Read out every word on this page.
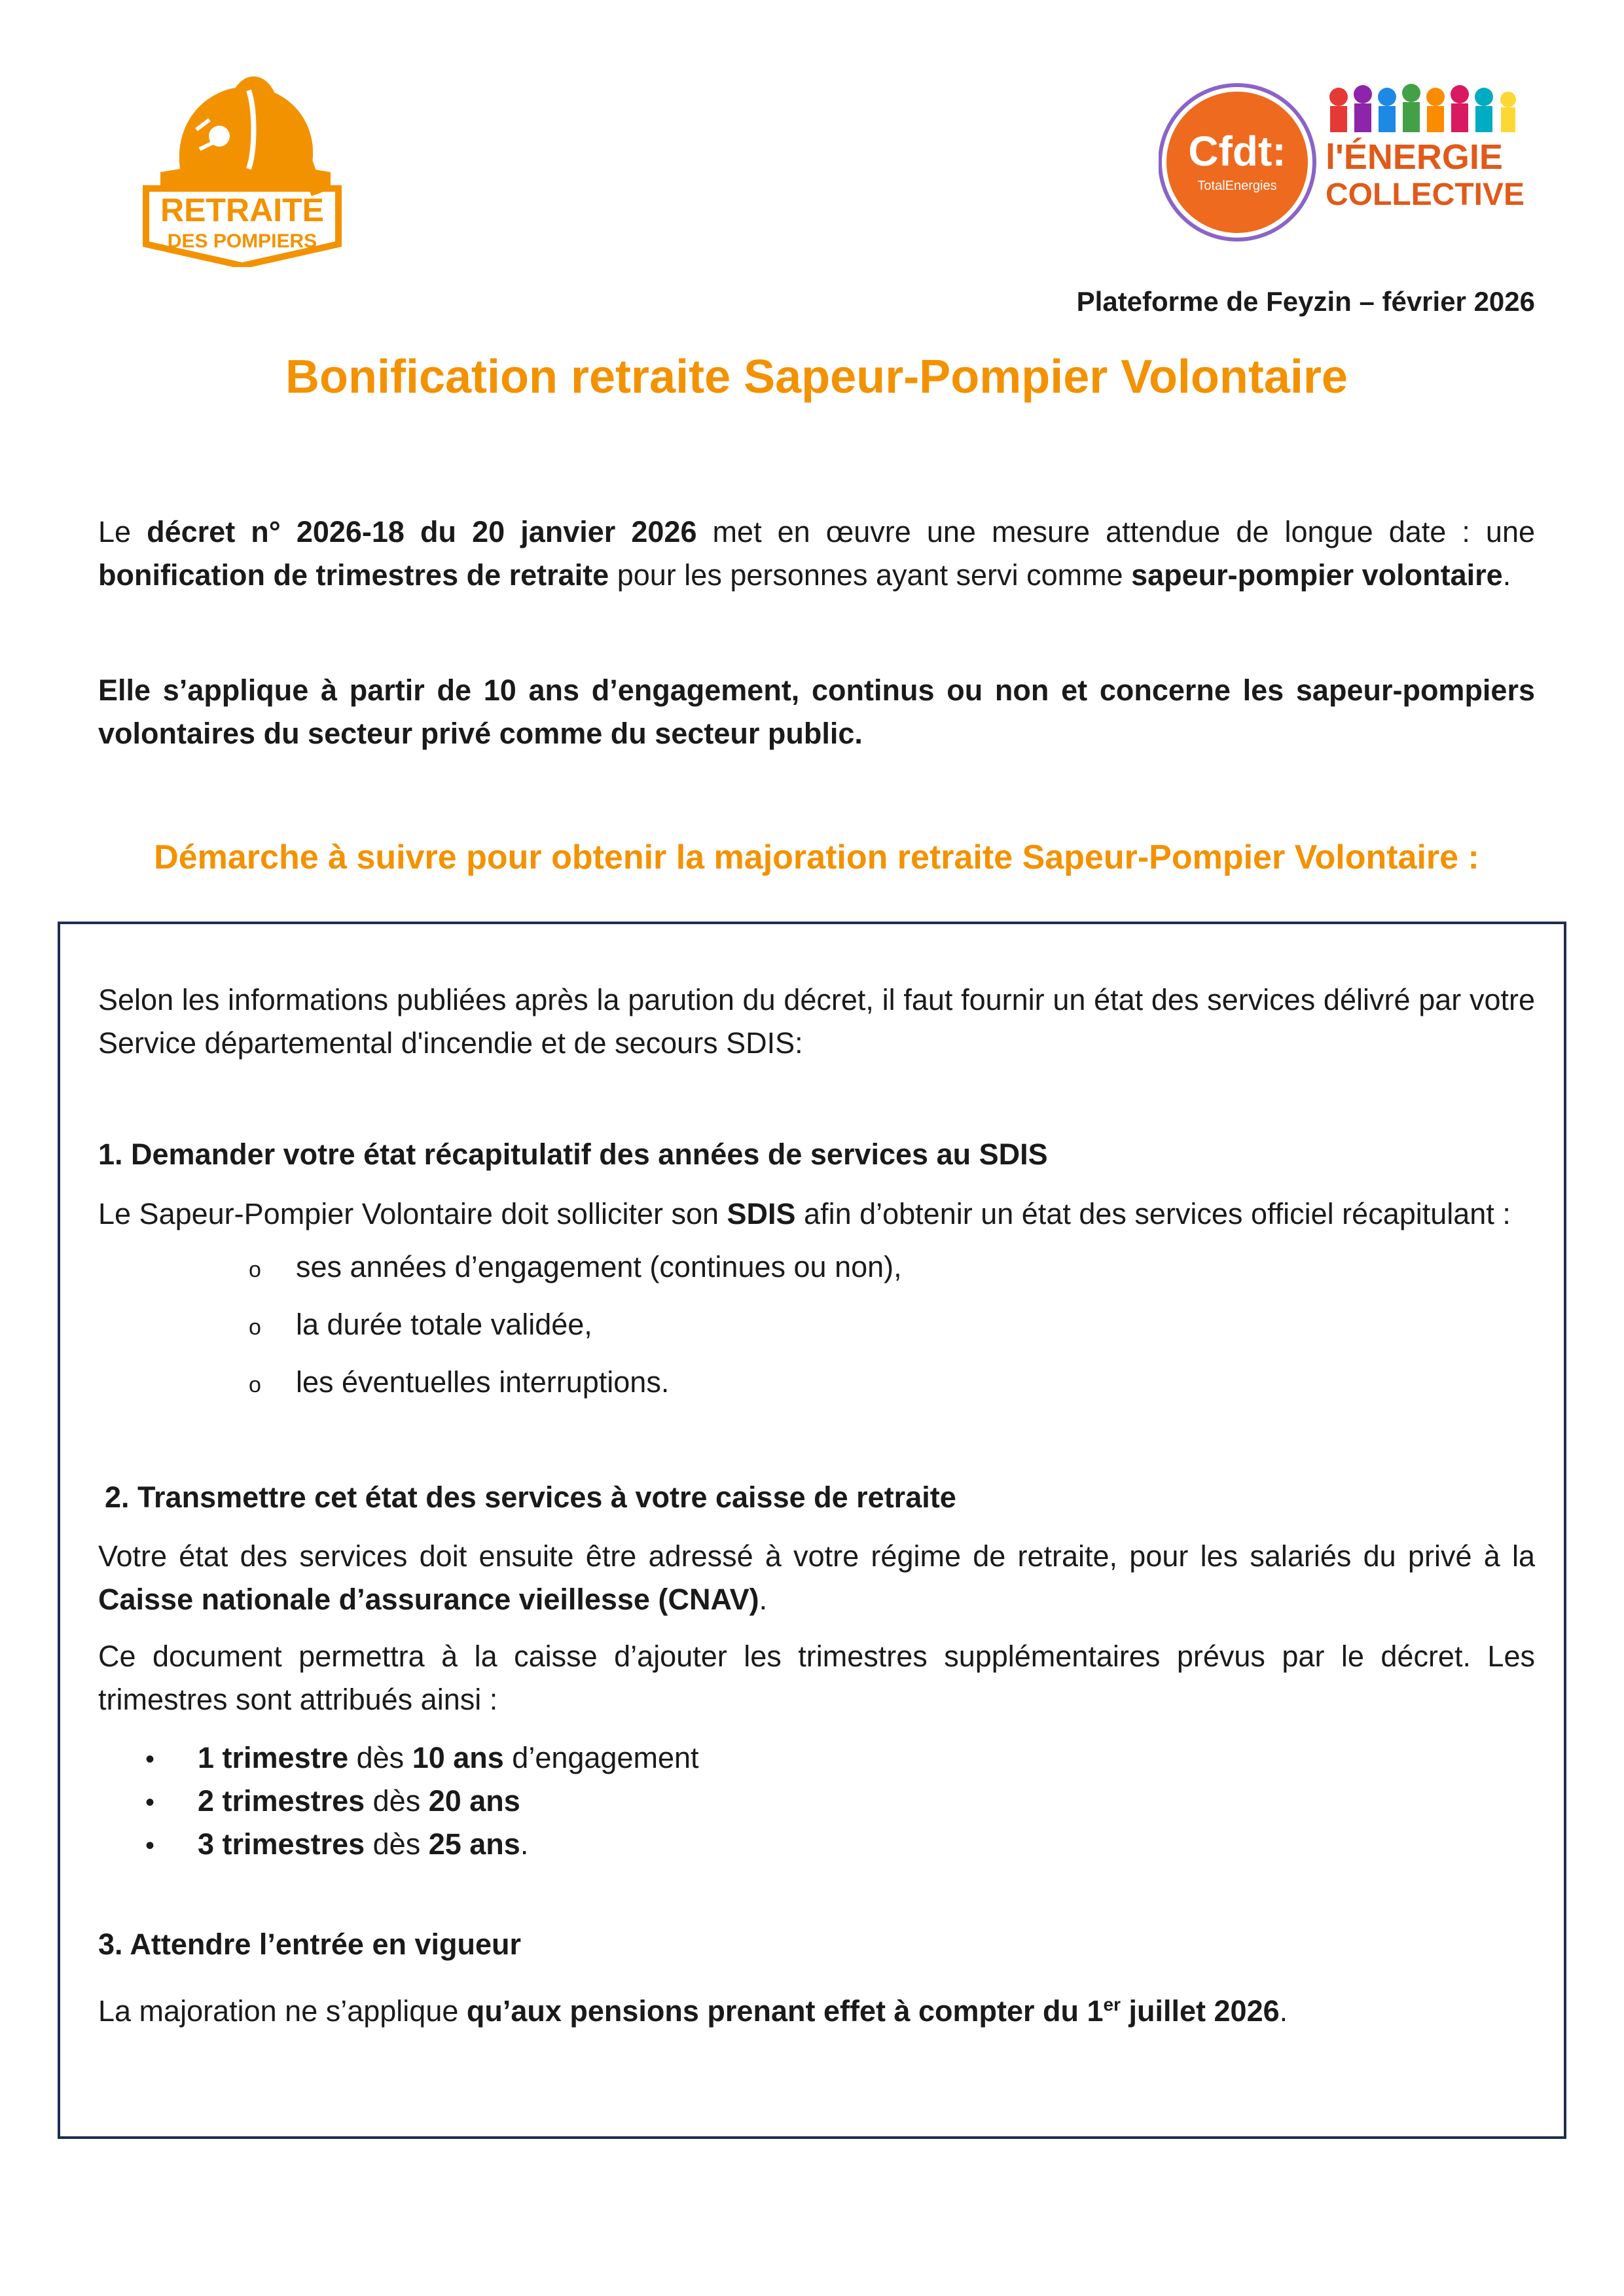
RETRAITE
DES POMPIERS
Cfdt:
TotalEnergies
l'ÉNERGIE
COLLECTIVE
Plateforme de Feyzin – février 2026
Bonification retraite Sapeur-Pompier Volontaire
Le décret n° 2026-18 du 20 janvier 2026 met en œuvre une mesure attendue de longue date : une bonification de trimestres de retraite pour les personnes ayant servi comme sapeur-pompier volontaire.
Elle s’applique à partir de 10 ans d’engagement, continus ou non et concerne les sapeur-pompiers volontaires du secteur privé comme du secteur public.
Démarche à suivre pour obtenir la majoration retraite Sapeur-Pompier Volontaire :
Selon les informations publiées après la parution du décret, il faut fournir un état des services délivré par votre Service départemental d'incendie et de secours SDIS:
1. Demander votre état récapitulatif des années de services au SDIS
Le Sapeur-Pompier Volontaire doit solliciter son SDIS afin d’obtenir un état des services officiel récapitulant :
o ses années d’engagement (continues ou non),
o la durée totale validée,
o les éventuelles interruptions.
2. Transmettre cet état des services à votre caisse de retraite
Votre état des services doit ensuite être adressé à votre régime de retraite, pour les salariés du privé à la Caisse nationale d’assurance vieillesse (CNAV).
Ce document permettra à la caisse d’ajouter les trimestres supplémentaires prévus par le décret. Les trimestres sont attribués ainsi :
• 1 trimestre dès 10 ans d’engagement
• 2 trimestres dès 20 ans
• 3 trimestres dès 25 ans.
3. Attendre l’entrée en vigueur
La majoration ne s’applique qu’aux pensions prenant effet à compter du 1er juillet 2026.
